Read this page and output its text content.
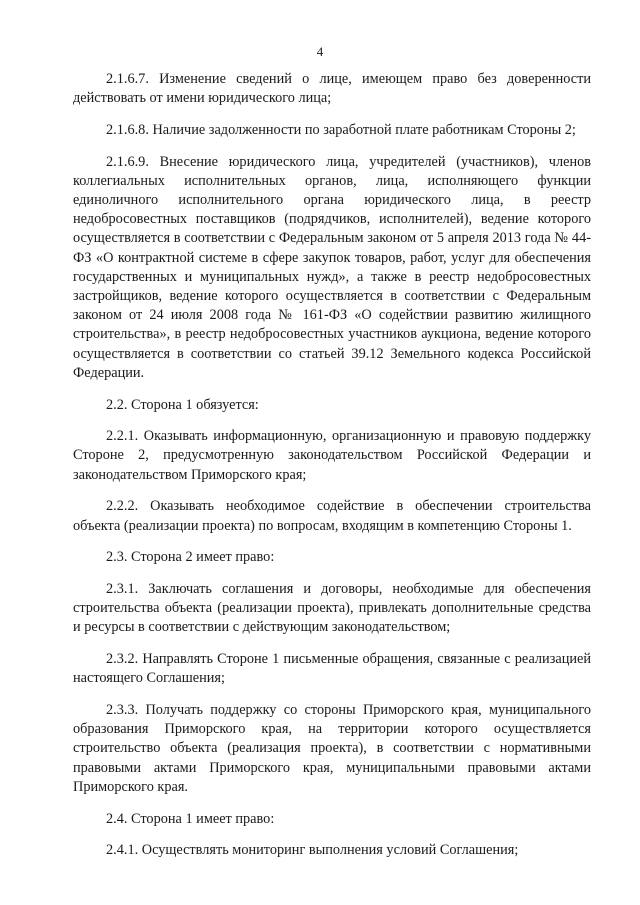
4

2.1.6.7. Изменение сведений о лице, имеющем право без доверенности действовать от имени юридического лица;

2.1.6.8. Наличие задолженности по заработной плате работникам Стороны 2;

2.1.6.9. Внесение юридического лица, учредителей (участников), членов коллегиальных исполнительных органов, лица, исполняющего функции единоличного исполнительного органа юридического лица, в реестр недобросовестных поставщиков (подрядчиков, исполнителей), ведение которого осуществляется в соответствии с Федеральным законом от 5 апреля 2013 года № 44-ФЗ «О контрактной системе в сфере закупок товаров, работ, услуг для обеспечения государственных и муниципальных нужд», а также в реестр недобросовестных застройщиков, ведение которого осуществляется в соответствии с Федеральным законом от 24 июля 2008 года № 161-ФЗ «О содействии развитию жилищного строительства», в реестр недобросовестных участников аукциона, ведение которого осуществляется в соответствии со статьей 39.12 Земельного кодекса Российской Федерации.

2.2. Сторона 1 обязуется:

2.2.1. Оказывать информационную, организационную и правовую поддержку Стороне 2, предусмотренную законодательством Российской Федерации и законодательством Приморского края;

2.2.2. Оказывать необходимое содействие в обеспечении строительства объекта (реализации проекта) по вопросам, входящим в компетенцию Стороны 1.

2.3. Сторона 2 имеет право:

2.3.1. Заключать соглашения и договоры, необходимые для обеспечения строительства объекта (реализации проекта), привлекать дополнительные средства и ресурсы в соответствии с действующим законодательством;

2.3.2. Направлять Стороне 1 письменные обращения, связанные с реализацией настоящего Соглашения;

2.3.3. Получать поддержку со стороны Приморского края, муниципального образования Приморского края, на территории которого осуществляется строительство объекта (реализация проекта), в соответствии с нормативными правовыми актами Приморского края, муниципальными правовыми актами Приморского края.

2.4. Сторона 1 имеет право:

2.4.1. Осуществлять мониторинг выполнения условий Соглашения;
